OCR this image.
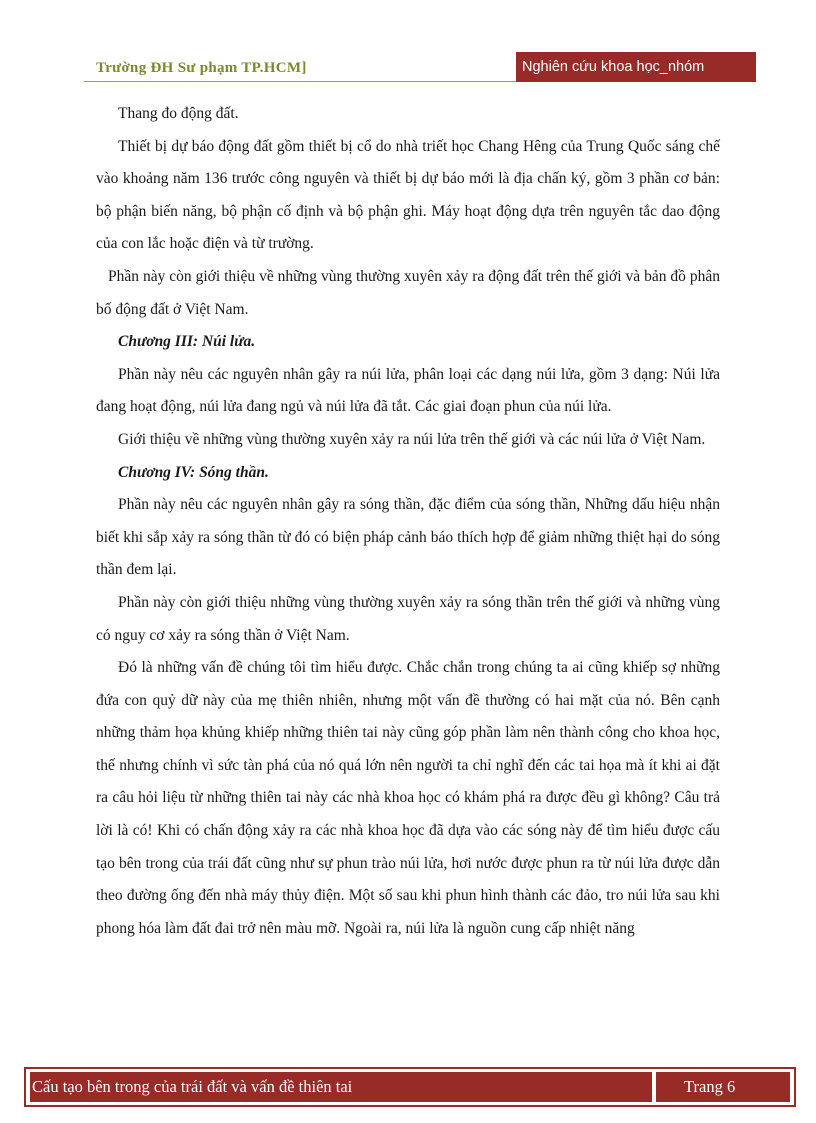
Trường ĐH Sư phạm TP.HCM]	Nghiên cứu khoa học_nhóm

Thang đo động đất.

Thiết bị dự báo động đất gồm thiết bị cổ do nhà triết học Chang Hêng của Trung Quốc sáng chế vào khoảng năm 136 trước công nguyên và thiết bị dự báo mới là địa chấn ký, gồm 3 phần cơ bản: bộ phận biến năng, bộ phận cố định và bộ phận ghi. Máy hoạt động dựa trên nguyên tắc dao động của con lắc hoặc điện và từ trường.

Phần này còn giới thiệu về những vùng thường xuyên xảy ra động đất trên thế giới và bản đồ phân bố động đất ở Việt Nam.

Chương III: Núi lửa.

Phần này nêu các nguyên nhân gây ra núi lửa, phân loại các dạng núi lửa, gồm 3 dạng: Núi lửa đang hoạt động, núi lửa đang ngủ và núi lửa đã tắt. Các giai đoạn phun của núi lửa.

Giới thiệu về những vùng thường xuyên xảy ra núi lửa trên thế giới và các núi lửa ở Việt Nam.

Chương IV: Sóng thần.

Phần này nêu các nguyên nhân gây ra sóng thần, đặc điểm của sóng thần, Những dấu hiệu nhận biết khi sắp xảy ra sóng thần từ đó có biện pháp cảnh báo thích hợp để giảm những thiệt hại do sóng thần đem lại.

Phần này còn giới thiệu những vùng thường xuyên xảy ra sóng thần trên thế giới và những vùng có nguy cơ xảy ra sóng thần ở Việt Nam.

Đó là những vấn đề chúng tôi tìm hiểu được. Chắc chắn trong chúng ta ai cũng khiếp sợ những đứa con quỷ dữ này của mẹ thiên nhiên, nhưng một vấn đề thường có hai mặt của nó. Bên cạnh những thảm họa khủng khiếp những thiên tai này cũng góp phần làm nên thành công cho khoa học, thế nhưng chính vì sức tàn phá của nó quá lớn nên người ta chỉ nghĩ đến các tai họa mà ít khi ai đặt ra câu hỏi liệu từ những thiên tai này các nhà khoa học có khám phá ra được đều gì không? Câu trả lời là có! Khi có chấn động xảy ra các nhà khoa học đã dựa vào các sóng này để tìm hiểu được cấu tạo bên trong của trái đất cũng như sự phun trào núi lửa, hơi nước được phun ra từ núi lửa được dẫn theo đường ống đến nhà máy thủy điện. Một số sau khi phun hình thành các đảo, tro núi lửa sau khi phong hóa làm đất đai trở nên màu mỡ. Ngoài ra, núi lửa là nguồn cung cấp nhiệt năng

Cấu tạo bên trong của trái đất và vấn đề thiên tai	Trang 6
